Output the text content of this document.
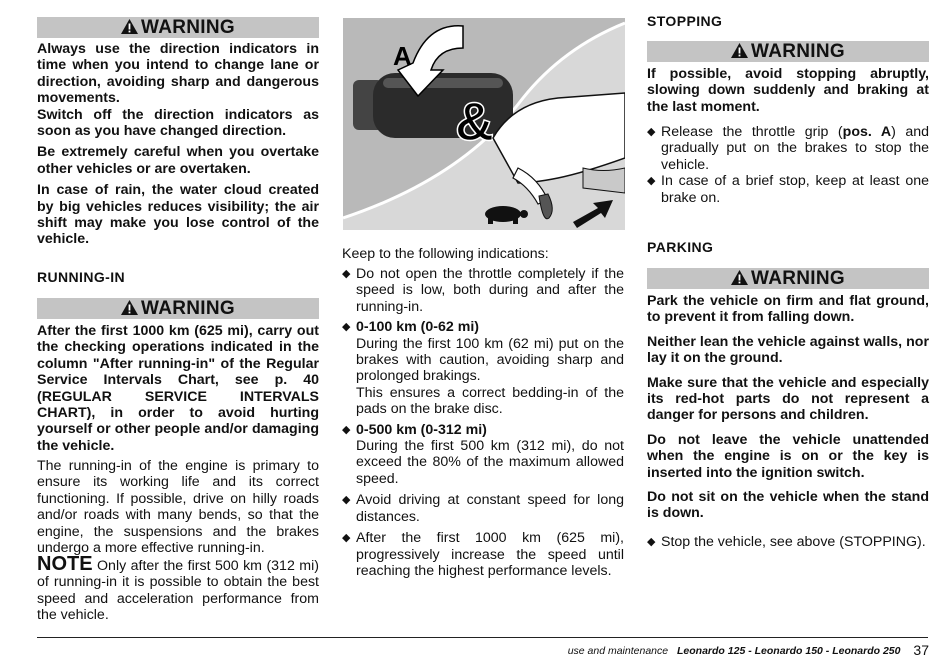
WARNING

Always use the direction indicators in time when you intend to change lane or direction, avoiding sharp and dangerous movements.

Switch off the direction indicators as soon as you have changed direction.

Be extremely careful when you overtake other vehicles or are overtaken.

In case of rain, the water cloud created by big vehicles reduces visibility; the air shift may make you lose control of the vehicle.

RUNNING-IN
WARNING

After the first 1000 km (625 mi), carry out the checking operations indicated in the column "After running-in" of the Regular Service Intervals Chart, see p. 40 (REGULAR SERVICE INTERVALS CHART), in order to avoid hurting yourself or other people and/or damaging the vehicle.

The running-in of the engine is primary to ensure its working life and its correct functioning. If possible, drive on hilly roads and/or roads with many bends, so that the engine, the suspensions and the brakes undergo a more effective running-in.

NOTE Only after the first 500 km (312 mi) of running-in it is possible to obtain the best speed and acceleration performance from the vehicle.

A
&

Keep to the following indications:

◆ Do not open the throttle completely if the speed is low, both during and after the running-in.
◆ 0-100 km (0-62 mi)
During the first 100 km (62 mi) put on the brakes with caution, avoiding sharp and prolonged brakings.
This ensures a correct bedding-in of the pads on the brake disc.
◆ 0-500 km (0-312 mi)
During the first 500 km (312 mi), do not exceed the 80% of the maximum allowed speed.
◆ Avoid driving at constant speed for long distances.
◆ After the first 1000 km (625 mi), progressively increase the speed until reaching the highest performance levels.
STOPPING
WARNING

If possible, avoid stopping abruptly, slowing down suddenly and braking at the last moment.

◆ Release the throttle grip (pos. A) and gradually put on the brakes to stop the vehicle.
◆ In case of a brief stop, keep at least one brake on.
PARKING
WARNING

Park the vehicle on firm and flat ground, to prevent it from falling down.

Neither lean the vehicle against walls, nor lay it on the ground.

Make sure that the vehicle and especially its red-hot parts do not represent a danger for persons and children.

Do not leave the vehicle unattended when the engine is on or the key is inserted into the ignition switch.

Do not sit on the vehicle when the stand is down.

◆ Stop the vehicle, see above (STOPPING).
use and maintenance Leonardo 125 - Leonardo 150 - Leonardo 250 37
